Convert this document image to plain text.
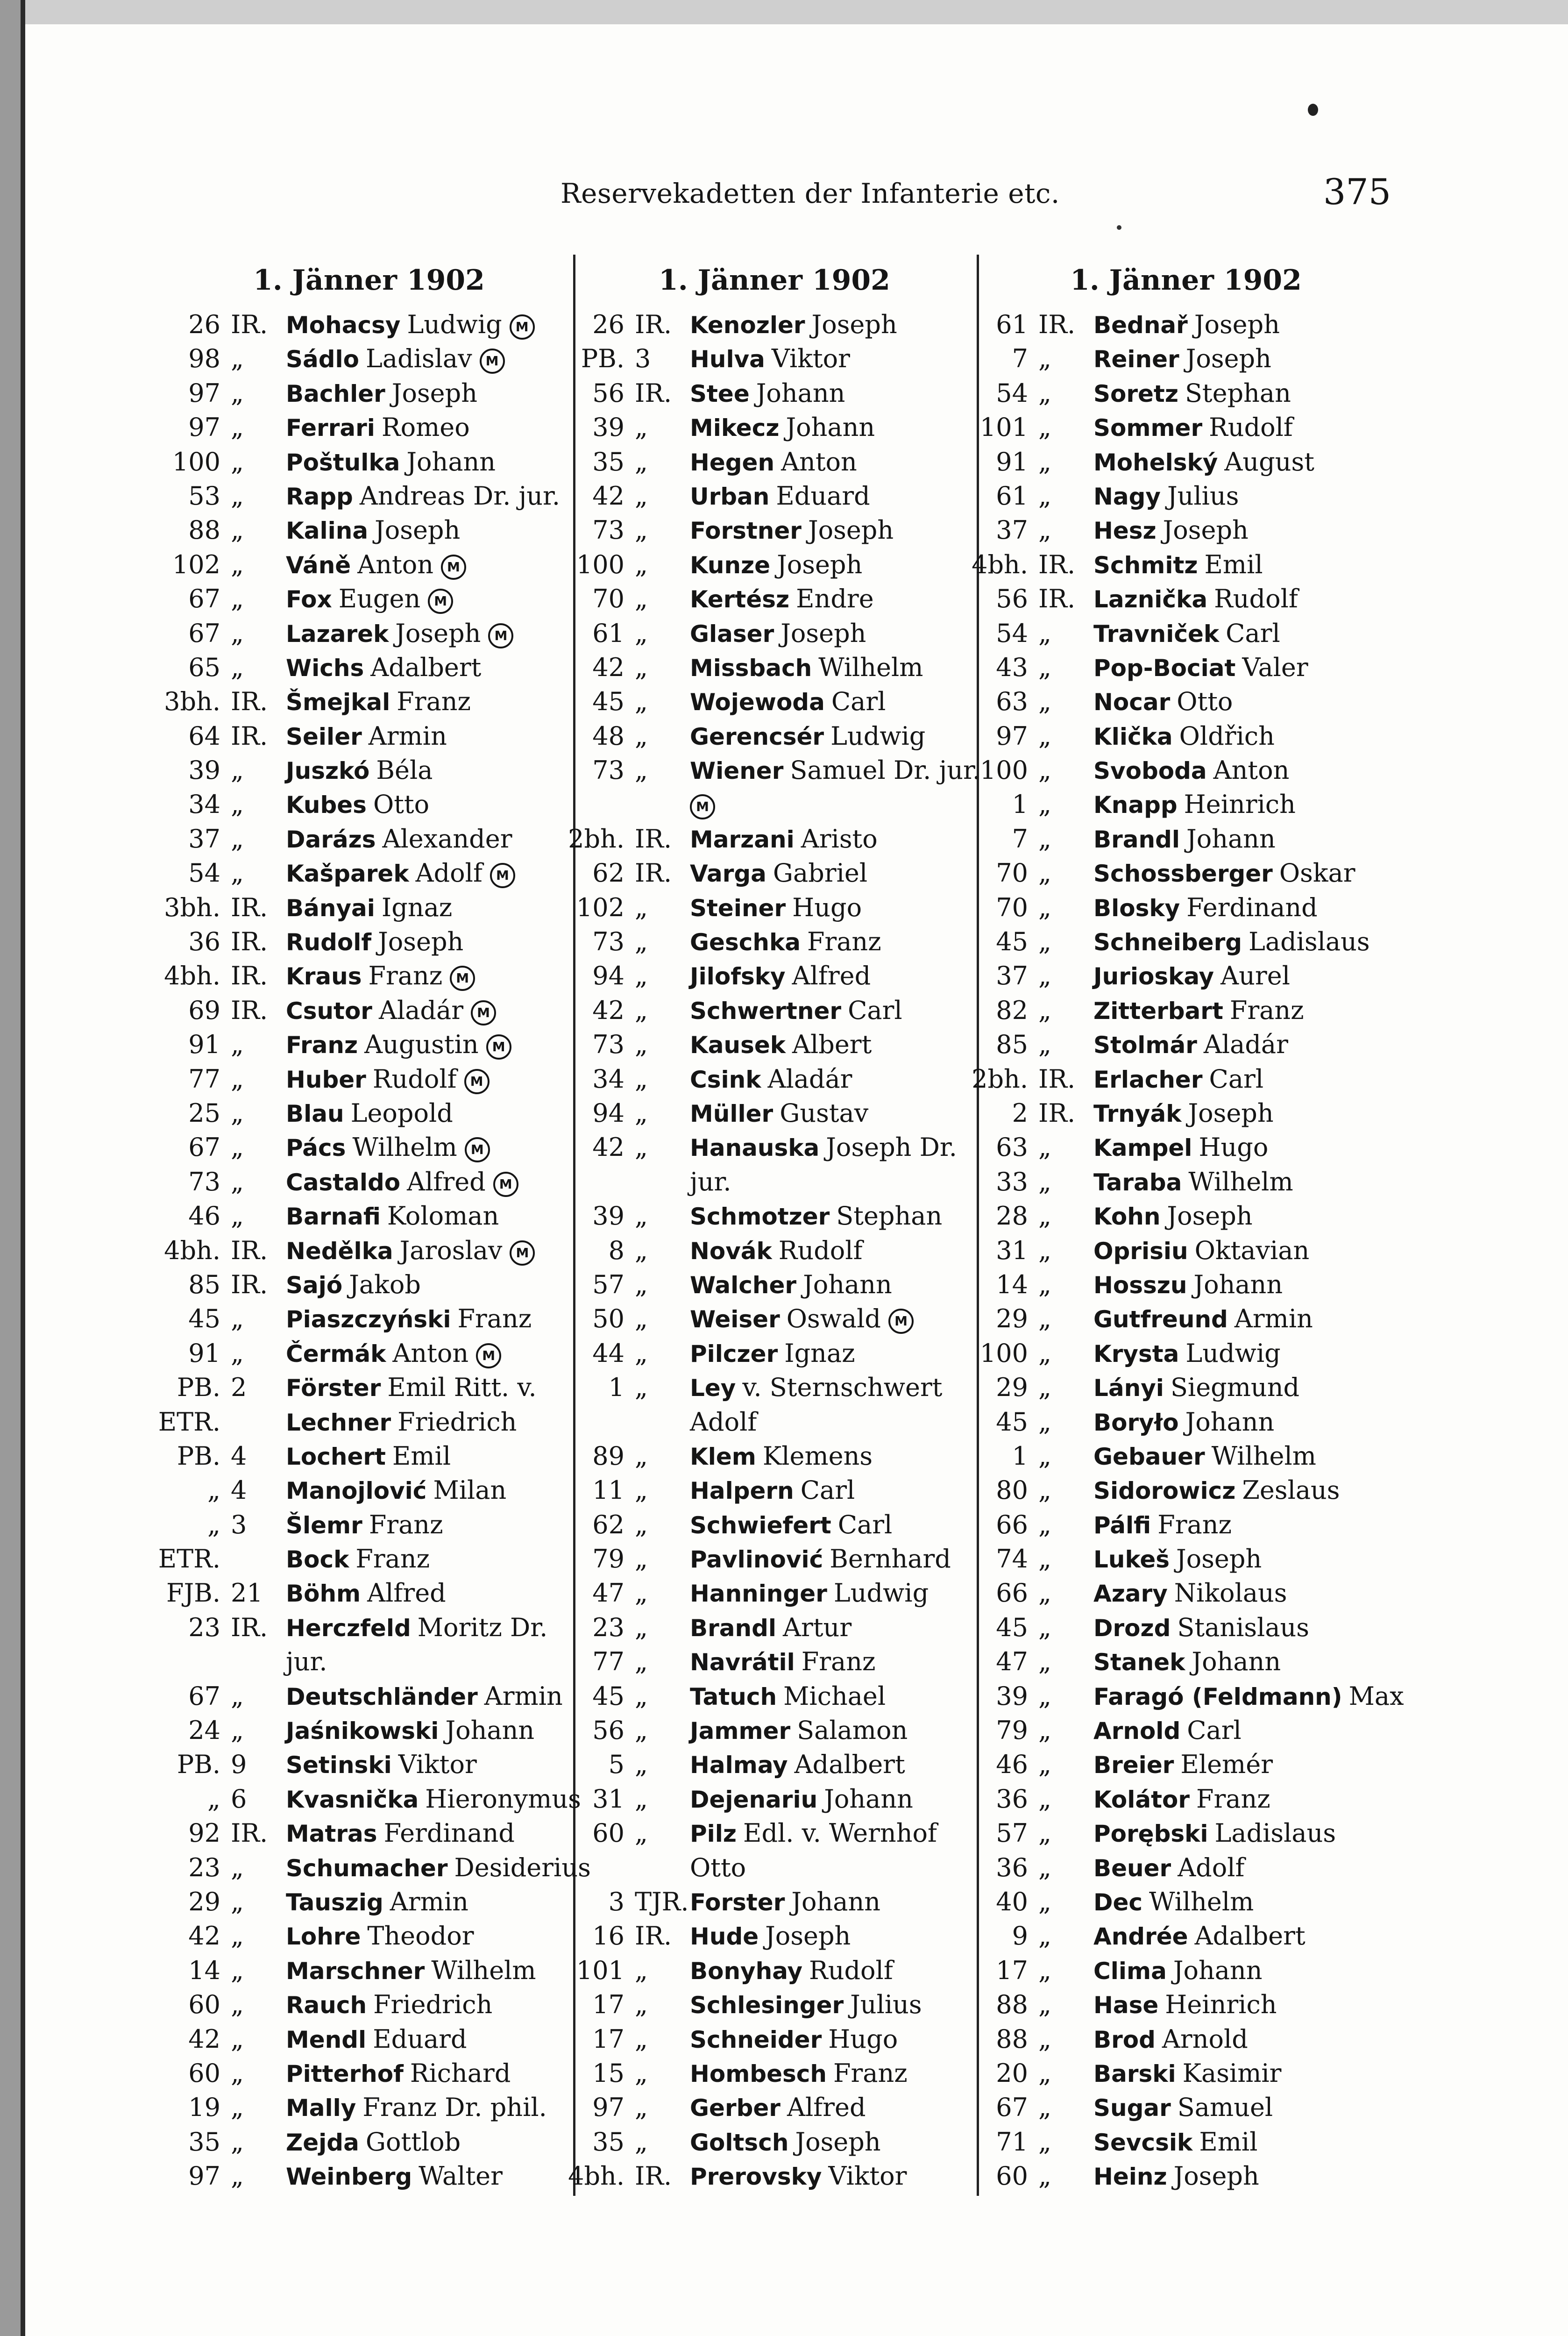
Reservekadetten der Infanterie etc.	375
1. Jänner 1902
26 IR. Mohacsy Ludwig M
98 „ Sádlo Ladislav M
97 „ Bachler Joseph
97 „ Ferrari Romeo
100 „ Poštulka Johann
53 „ Rapp Andreas Dr. jur.
88 „ Kalina Joseph
102 „ Váně Anton M
67 „ Fox Eugen M
67 „ Lazarek Joseph M
65 „ Wichs Adalbert
3bh. IR. Šmejkal Franz
64 IR. Seiler Armin
39 „ Juszkó Béla
34 „ Kubes Otto
37 „ Darázs Alexander
54 „ Kašparek Adolf M
3bh. IR. Bányai Ignaz
36 IR. Rudolf Joseph
4bh. IR. Kraus Franz M
69 IR. Csutor Aladár M
91 „ Franz Augustin M
77 „ Huber Rudolf M
25 „ Blau Leopold
67 „ Pács Wilhelm M
73 „ Castaldo Alfred M
46 „ Barnafi Koloman
4bh. IR. Nedělka Jaroslav M
85 IR. Sajó Jakob
45 „ Piaszczyński Franz
91 „ Čermák Anton M
PB. 2 Förster Emil Ritt. v.
ETR.	Lechner Friedrich
PB. 4 Lochert Emil
„ 4 Manojlović Milan
„ 3 Šlemr Franz
ETR.	Bock Franz
FJB. 21 Böhm Alfred
23 IR. Herczfeld Moritz Dr.
jur.
67 „ Deutschländer Armin
24 „ Jaśnikowski Johann
PB. 9 Setinski Viktor
„ 6 Kvasnička Hieronymus
92 IR. Matras Ferdinand
23 „ Schumacher Desiderius
29 „ Tauszig Armin
42 „ Lohre Theodor
14 „ Marschner Wilhelm
60 „ Rauch Friedrich
42 „ Mendl Eduard
60 „ Pitterhof Richard
19 „ Mally Franz Dr. phil.
35 „ Zejda Gottlob
97 „ Weinberg Walter
1. Jänner 1902
26 IR. Kenozler Joseph
PB. 3 Hulva Viktor
56 IR. Stee Johann
39 „ Mikecz Johann
35 „ Hegen Anton
42 „ Urban Eduard
73 „ Forstner Joseph
100 „ Kunze Joseph
70 „ Kertész Endre
61 „ Glaser Joseph
42 „ Missbach Wilhelm
45 „ Wojewoda Carl
48 „ Gerencsér Ludwig
73 „ Wiener Samuel Dr. jur.
M
2bh. IR. Marzani Aristo
62 IR. Varga Gabriel
102 „ Steiner Hugo
73 „ Geschka Franz
94 „ Jilofsky Alfred
42 „ Schwertner Carl
73 „ Kausek Albert
34 „ Csink Aladár
94 „ Müller Gustav
42 „ Hanauska Joseph Dr.
jur.
39 „ Schmotzer Stephan
8 „ Novák Rudolf
57 „ Walcher Johann
50 „ Weiser Oswald M
44 „ Pilczer Ignaz
1 „ Ley v. Sternschwert
Adolf
89 „ Klem Klemens
11 „ Halpern Carl
62 „ Schwiefert Carl
79 „ Pavlinović Bernhard
47 „ Hanninger Ludwig
23 „ Brandl Artur
77 „ Navrátil Franz
45 „ Tatuch Michael
56 „ Jammer Salamon
5 „ Halmay Adalbert
31 „ Dejenariu Johann
60 „ Pilz Edl. v. Wernhof
Otto
3 TJR. Forster Johann
16 IR. Hude Joseph
101 „ Bonyhay Rudolf
17 „ Schlesinger Julius
17 „ Schneider Hugo
15 „ Hombesch Franz
97 „ Gerber Alfred
35 „ Goltsch Joseph
4bh. IR. Prerovsky Viktor
1. Jänner 1902
61 IR. Bednař Joseph
7 „ Reiner Joseph
54 „ Soretz Stephan
101 „ Sommer Rudolf
91 „ Mohelský August
61 „ Nagy Julius
37 „ Hesz Joseph
4bh. IR. Schmitz Emil
56 IR. Laznička Rudolf
54 „ Travniček Carl
43 „ Pop-Bociat Valer
63 „ Nocar Otto
97 „ Klička Oldřich
100 „ Svoboda Anton
1 „ Knapp Heinrich
7 „ Brandl Johann
70 „ Schossberger Oskar
70 „ Blosky Ferdinand
45 „ Schneiberg Ladislaus
37 „ Jurioskay Aurel
82 „ Zitterbart Franz
85 „ Stolmár Aladár
2bh. IR. Erlacher Carl
2 IR. Trnyák Joseph
63 „ Kampel Hugo
33 „ Taraba Wilhelm
28 „ Kohn Joseph
31 „ Oprisiu Oktavian
14 „ Hosszu Johann
29 „ Gutfreund Armin
100 „ Krysta Ludwig
29 „ Lányi Siegmund
45 „ Boryło Johann
1 „ Gebauer Wilhelm
80 „ Sidorowicz Zeslaus
66 „ Pálfi Franz
74 „ Lukeš Joseph
66 „ Azary Nikolaus
45 „ Drozd Stanislaus
47 „ Stanek Johann
39 „ Faragó (Feldmann) Max
79 „ Arnold Carl
46 „ Breier Elemér
36 „ Kolátor Franz
57 „ Porębski Ladislaus
36 „ Beuer Adolf
40 „ Dec Wilhelm
9 „ Andrée Adalbert
17 „ Clima Johann
88 „ Hase Heinrich
88 „ Brod Arnold
20 „ Barski Kasimir
67 „ Sugar Samuel
71 „ Sevcsik Emil
60 „ Heinz Joseph
